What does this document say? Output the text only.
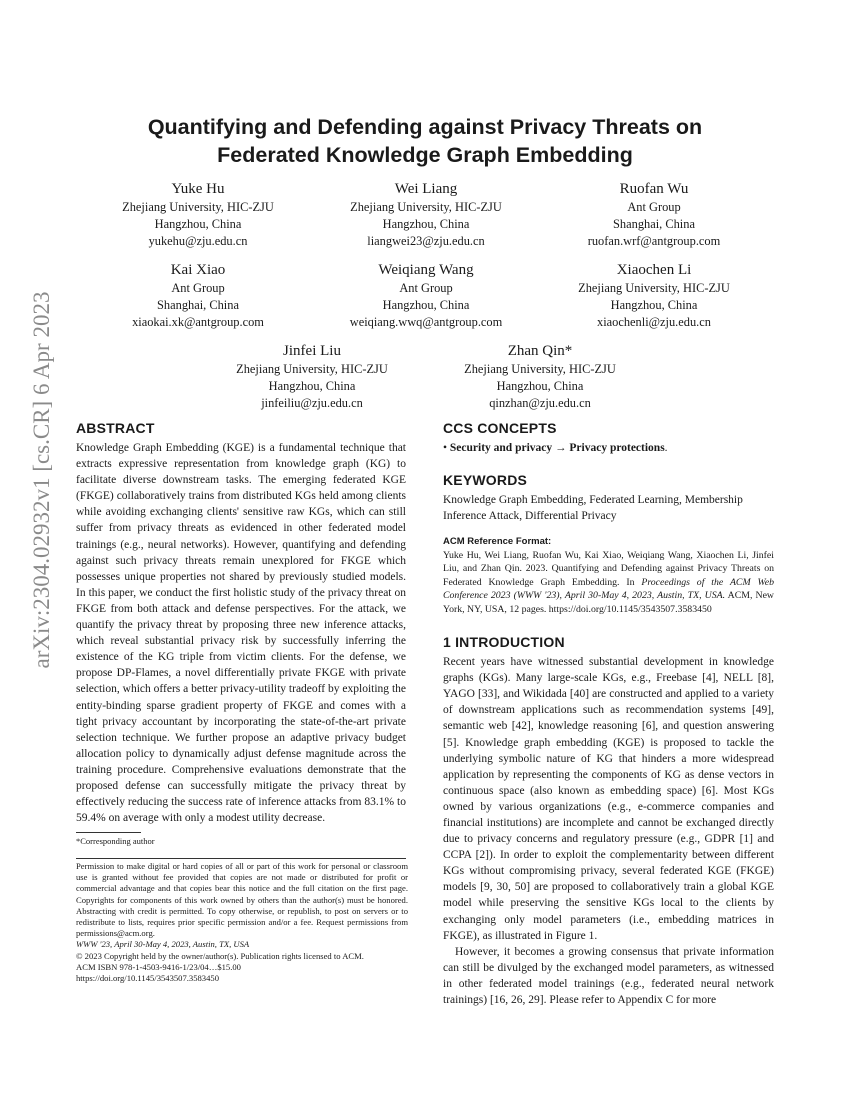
arXiv:2304.02932v1 [cs.CR] 6 Apr 2023
Quantifying and Defending against Privacy Threats on
Federated Knowledge Graph Embedding
Yuke Hu
Zhejiang University, HIC-ZJU
Hangzhou, China
yukehu@zju.edu.cn
Wei Liang
Zhejiang University, HIC-ZJU
Hangzhou, China
liangwei23@zju.edu.cn
Ruofan Wu
Ant Group
Shanghai, China
ruofan.wrf@antgroup.com
Kai Xiao
Ant Group
Shanghai, China
xiaokai.xk@antgroup.com
Weiqiang Wang
Ant Group
Hangzhou, China
weiqiang.wwq@antgroup.com
Xiaochen Li
Zhejiang University, HIC-ZJU
Hangzhou, China
xiaochenli@zju.edu.cn
Jinfei Liu
Zhejiang University, HIC-ZJU
Hangzhou, China
jinfeiliu@zju.edu.cn
Zhan Qin*
Zhejiang University, HIC-ZJU
Hangzhou, China
qinzhan@zju.edu.cn
ABSTRACT

Knowledge Graph Embedding (KGE) is a fundamental technique that extracts expressive representation from knowledge graph (KG) to facilitate diverse downstream tasks. The emerging federated KGE (FKGE) collaboratively trains from distributed KGs held among clients while avoiding exchanging clients' sensitive raw KGs, which can still suffer from privacy threats as evidenced in other federated model trainings (e.g., neural networks). However, quantifying and defending against such privacy threats remain unexplored for FKGE which possesses unique properties not shared by previously studied models. In this paper, we conduct the first holistic study of the privacy threat on FKGE from both attack and defense perspectives. For the attack, we quantify the privacy threat by proposing three new inference attacks, which reveal substantial privacy risk by successfully inferring the existence of the KG triple from victim clients. For the defense, we propose DP-Flames, a novel differentially private FKGE with private selection, which offers a better privacy-utility tradeoff by exploiting the entity-binding sparse gradient property of FKGE and comes with a tight privacy accountant by incorporating the state-of-the-art private selection technique. We further propose an adaptive privacy budget allocation policy to dynamically adjust defense magnitude across the training procedure. Comprehensive evaluations demonstrate that the proposed defense can successfully mitigate the privacy threat by effectively reducing the success rate of inference attacks from 83.1% to 59.4% on average with only a modest utility decrease.

*Corresponding author

Permission to make digital or hard copies of all or part of this work for personal or classroom use is granted without fee provided that copies are not made or distributed for profit or commercial advantage and that copies bear this notice and the full citation on the first page. Copyrights for components of this work owned by others than the author(s) must be honored. Abstracting with credit is permitted. To copy otherwise, or republish, to post on servers or to redistribute to lists, requires prior specific permission and/or a fee. Request permissions from permissions@acm.org.

WWW '23, April 30-May 4, 2023, Austin, TX, USA

© 2023 Copyright held by the owner/author(s). Publication rights licensed to ACM.

ACM ISBN 978-1-4503-9416-1/23/04…$15.00

https://doi.org/10.1145/3543507.3583450

CCS CONCEPTS

• Security and privacy → Privacy protections.

KEYWORDS

Knowledge Graph Embedding, Federated Learning, Membership Inference Attack, Differential Privacy

ACM Reference Format:

Yuke Hu, Wei Liang, Ruofan Wu, Kai Xiao, Weiqiang Wang, Xiaochen Li, Jinfei Liu, and Zhan Qin. 2023. Quantifying and Defending against Privacy Threats on Federated Knowledge Graph Embedding. In Proceedings of the ACM Web Conference 2023 (WWW '23), April 30-May 4, 2023, Austin, TX, USA. ACM, New York, NY, USA, 12 pages. https://doi.org/10.1145/3543507.3583450

1 INTRODUCTION

Recent years have witnessed substantial development in knowledge graphs (KGs). Many large-scale KGs, e.g., Freebase [4], NELL [8], YAGO [33], and Wikidada [40] are constructed and applied to a variety of downstream applications such as recommendation systems [49], semantic web [42], knowledge reasoning [6], and question answering [5]. Knowledge graph embedding (KGE) is proposed to tackle the underlying symbolic nature of KG that hinders a more widespread application by representing the components of KG as dense vectors in continuous space (also known as embedding space) [6]. Most KGs owned by various organizations (e.g., e-commerce companies and financial institutions) are incomplete and cannot be exchanged directly due to privacy concerns and regulatory pressure (e.g., GDPR [1] and CCPA [2]). In order to exploit the complementarity between different KGs without compromising privacy, several federated KGE (FKGE) models [9, 30, 50] are proposed to collaboratively train a global KGE model while preserving the sensitive KGs local to the clients by exchanging only model parameters (i.e., embedding matrices in FKGE), as illustrated in Figure 1.

However, it becomes a growing consensus that private information can still be divulged by the exchanged model parameters, as witnessed in other federated model trainings (e.g., federated neural network trainings) [16, 26, 29]. Please refer to Appendix C for more
